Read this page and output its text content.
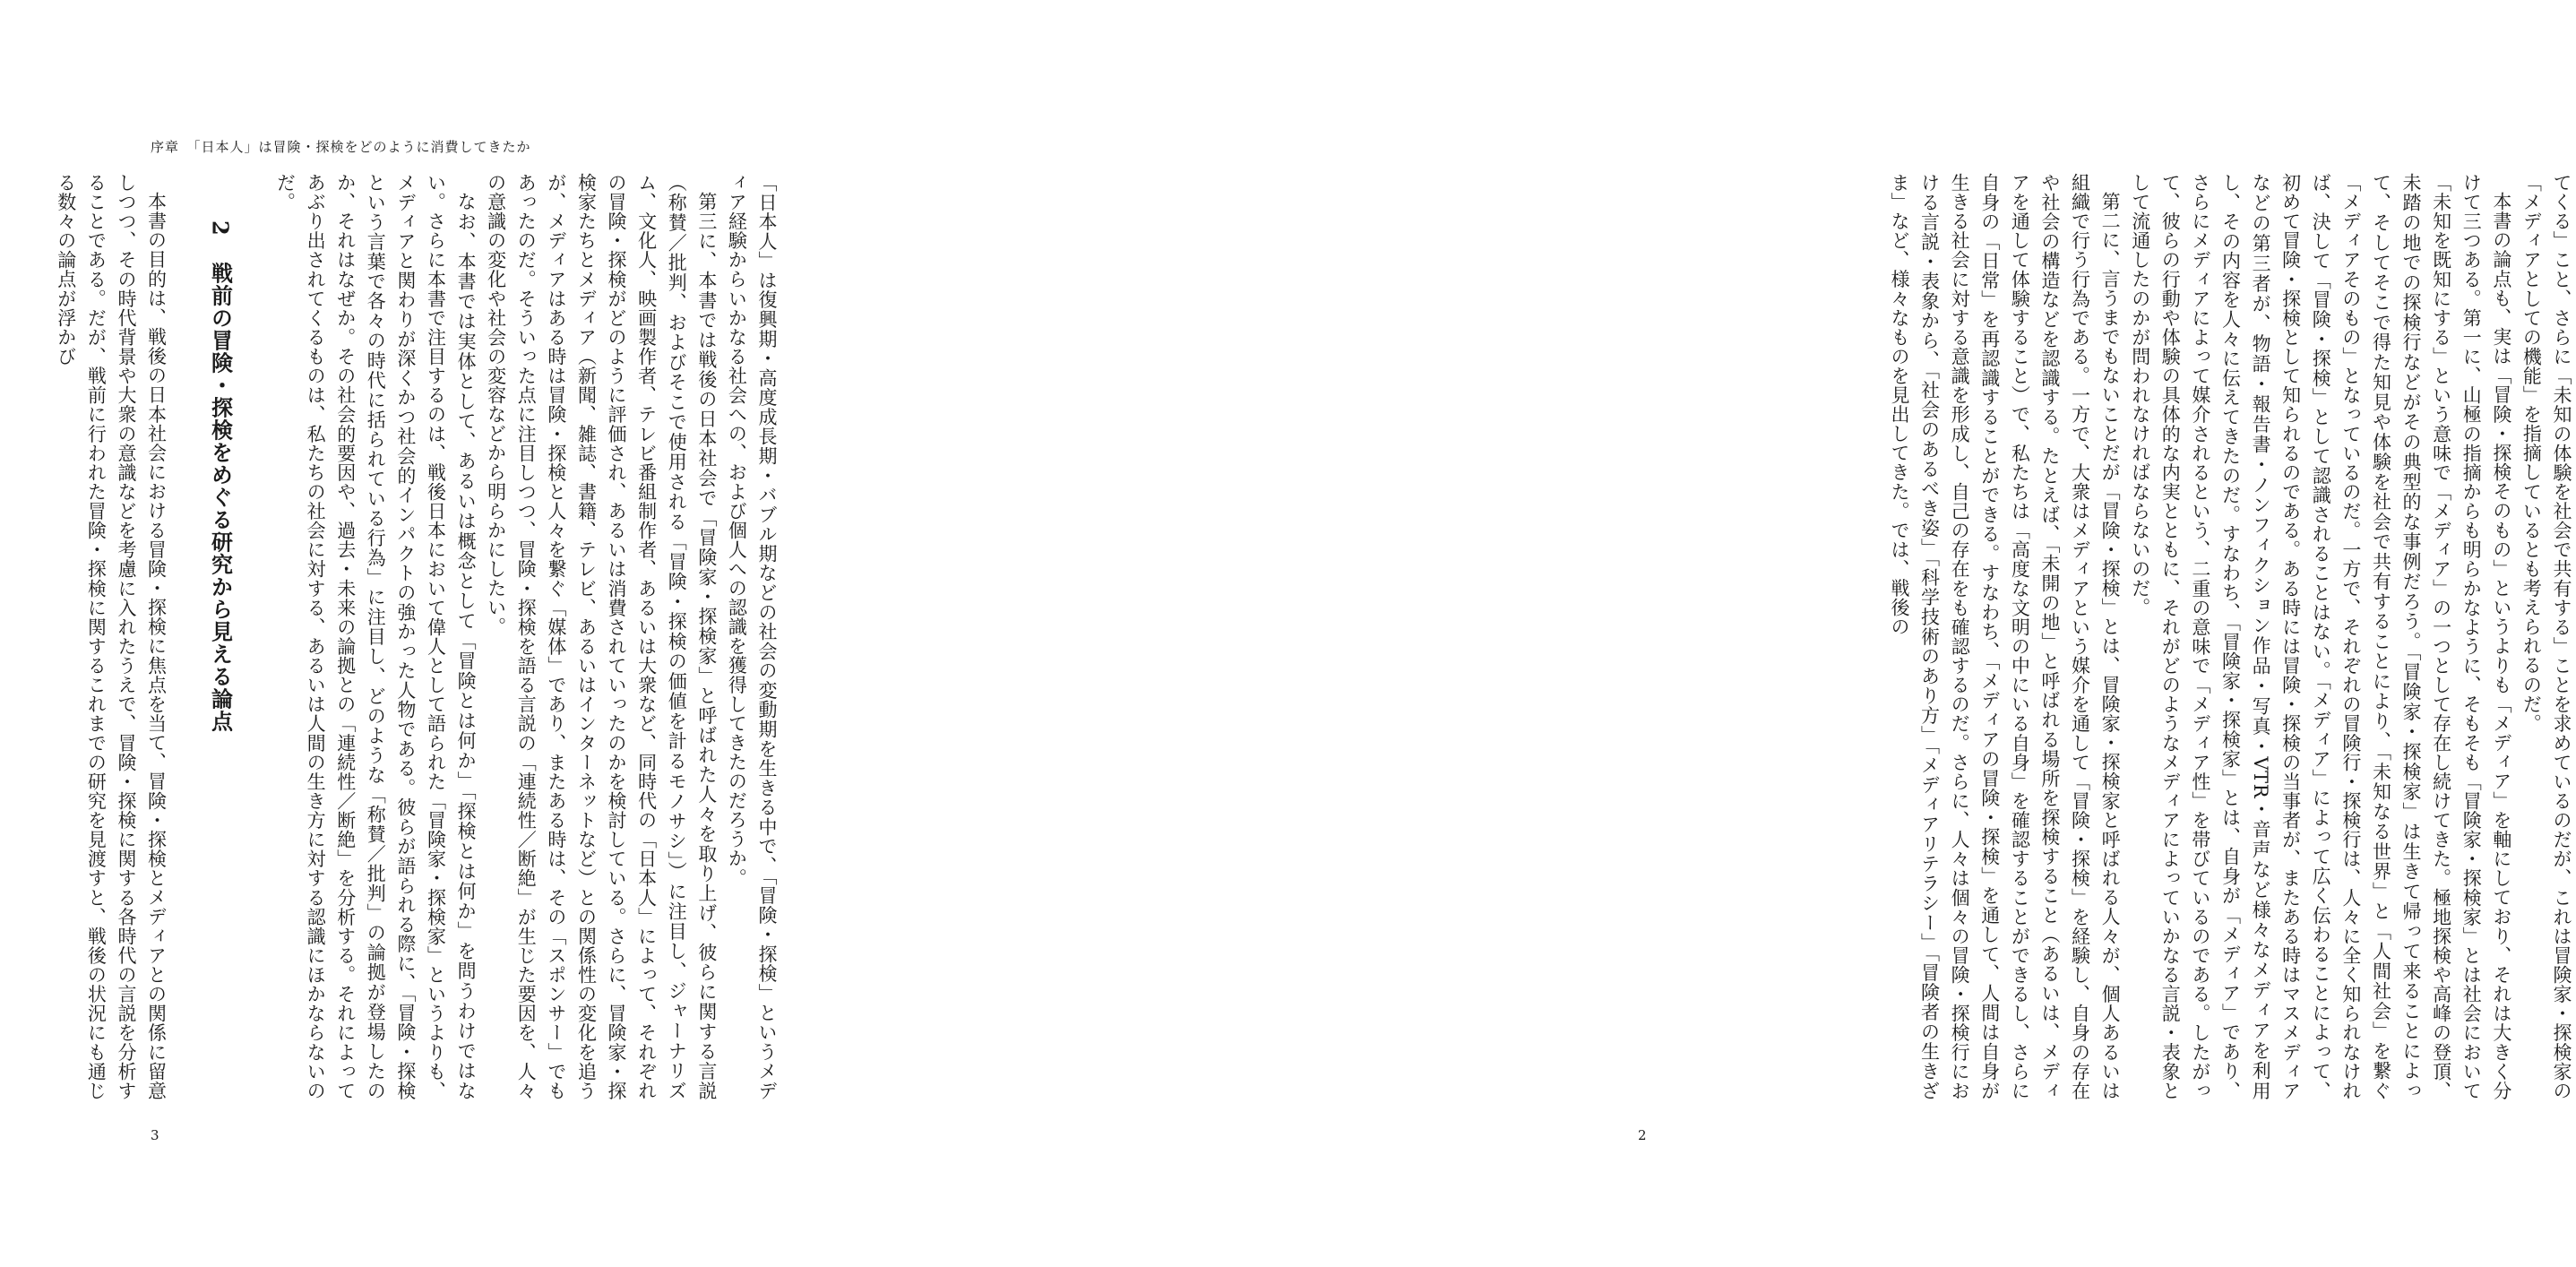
序章　「日本人」は冒険・探検をどのように消費してきたか

「日本人」は復興期・高度成長期・バブル期などの社会の変動期を生きる中で、「冒険・探検」というメディア経験からいかなる社会への、および個人への認識を獲得してきたのだろうか。

第三に、本書では戦後の日本社会で「冒険家・探検家」と呼ばれた人々を取り上げ、彼らに関する言説（称賛／批判、およびそこで使用される「冒険・探検の価値を計るモノサシ」）に注目し、ジャーナリズム、文化人、映画製作者、テレビ番組制作者、あるいは大衆など、同時代の「日本人」によって、それぞれの冒険・探検がどのように評価され、あるいは消費されていったのかを検討している。さらに、冒険家・探検家たちとメディア（新聞、雑誌、書籍、テレビ、あるいはインターネットなど）との関係性の変化を追うが、メディアはある時は冒険・探検と人々を繋ぐ「媒体」であり、またある時は、その「スポンサー」でもあったのだ。そういった点に注目しつつ、冒険・探検を語る言説の「連続性／断絶」が生じた要因を、人々の意識の変化や社会の変容などから明らかにしたい。

なお、本書では実体として、あるいは概念として「冒険とは何か」「探検とは何か」を問うわけではない。さらに本書で注目するのは、戦後日本において偉人として語られた「冒険家・探検家」というよりも、メディアと関わりが深くかつ社会的インパクトの強かった人物である。彼らが語られる際に、「冒険・探検という言葉で各々の時代に括られている行為」に注目し、どのような「称賛／批判」の論拠が登場したのか、それはなぜか。その社会的要因や、過去・未来の論拠との「連続性／断絶」を分析する。それによってあぶり出されてくるものは、私たちの社会に対する、あるいは人間の生き方に対する認識にほかならないのだ。

2戦前の冒険・探検をめぐる研究から見える論点

本書の目的は、戦後の日本社会における冒険・探検に焦点を当て、冒険・探検とメディアとの関係に留意しつつ、その時代背景や大衆の意識などを考慮に入れたうえで、冒険・探検に関する各時代の言説を分析することである。だが、戦前に行われた冒険・探検に関するこれまでの研究を見渡すと、戦後の状況にも通じる数々の論点が浮かび

3

てくる」こと、さらに「未知の体験を社会で共有する」ことを求めているのだが、これは冒険家・探検家の「メディアとしての機能」を指摘しているとも考えられるのだ。

本書の論点も、実は「冒険・探検そのもの」というよりも「メディア」を軸にしており、それは大きく分けて三つある。第一に、山極の指摘からも明らかなように、そもそも「冒険家・探検家」とは社会において「未知を既知にする」という意味で「メディア」の一つとして存在し続けてきた。極地探検や高峰の登頂、未踏の地での探検行などがその典型的な事例だろう。「冒険家・探検家」は生きて帰って来ることによって、そしてそこで得た知見や体験を社会で共有することにより、「未知なる世界」と「人間社会」を繋ぐ「メディアそのもの」となっているのだ。一方で、それぞれの冒険行・探検行は、人々に全く知られなければ、決して「冒険・探検」として認識されることはない。「メディア」によって広く伝わることによって、初めて冒険・探検として知られるのである。ある時には冒険・探検の当事者が、またある時はマスメディアなどの第三者が、物語・報告書・ノンフィクション作品・写真・VTR・音声など様々なメディアを利用し、その内容を人々に伝えてきたのだ。すなわち、「冒険家・探検家」とは、自身が「メディア」であり、さらにメディアによって媒介されるという、二重の意味で「メディア性」を帯びているのである。したがって、彼らの行動や体験の具体的な内実とともに、それがどのようなメディアによっていかなる言説・表象として流通したのかが問われなければならないのだ。

第二に、言うまでもないことだが「冒険・探検」とは、冒険家・探検家と呼ばれる人々が、個人あるいは組織で行う行為である。一方で、大衆はメディアという媒介を通して「冒険・探検」を経験し、自身の存在や社会の構造などを認識する。たとえば、「未開の地」と呼ばれる場所を探検すること（あるいは、メディアを通して体験すること）で、私たちは「高度な文明の中にいる自身」を確認することができるし、さらに自身の「日常」を再認識することができる。すなわち、「メディアの冒険・探検」を通して、人間は自身が生きる社会に対する意識を形成し、自己の存在をも確認するのだ。さらに、人々は個々の冒険・探検行における言説・表象から、「社会のあるべき姿」「科学技術のあり方」「メディアリテラシー」「冒険者の生きざま」など、様々なものを見出してきた。では、戦後の

2
